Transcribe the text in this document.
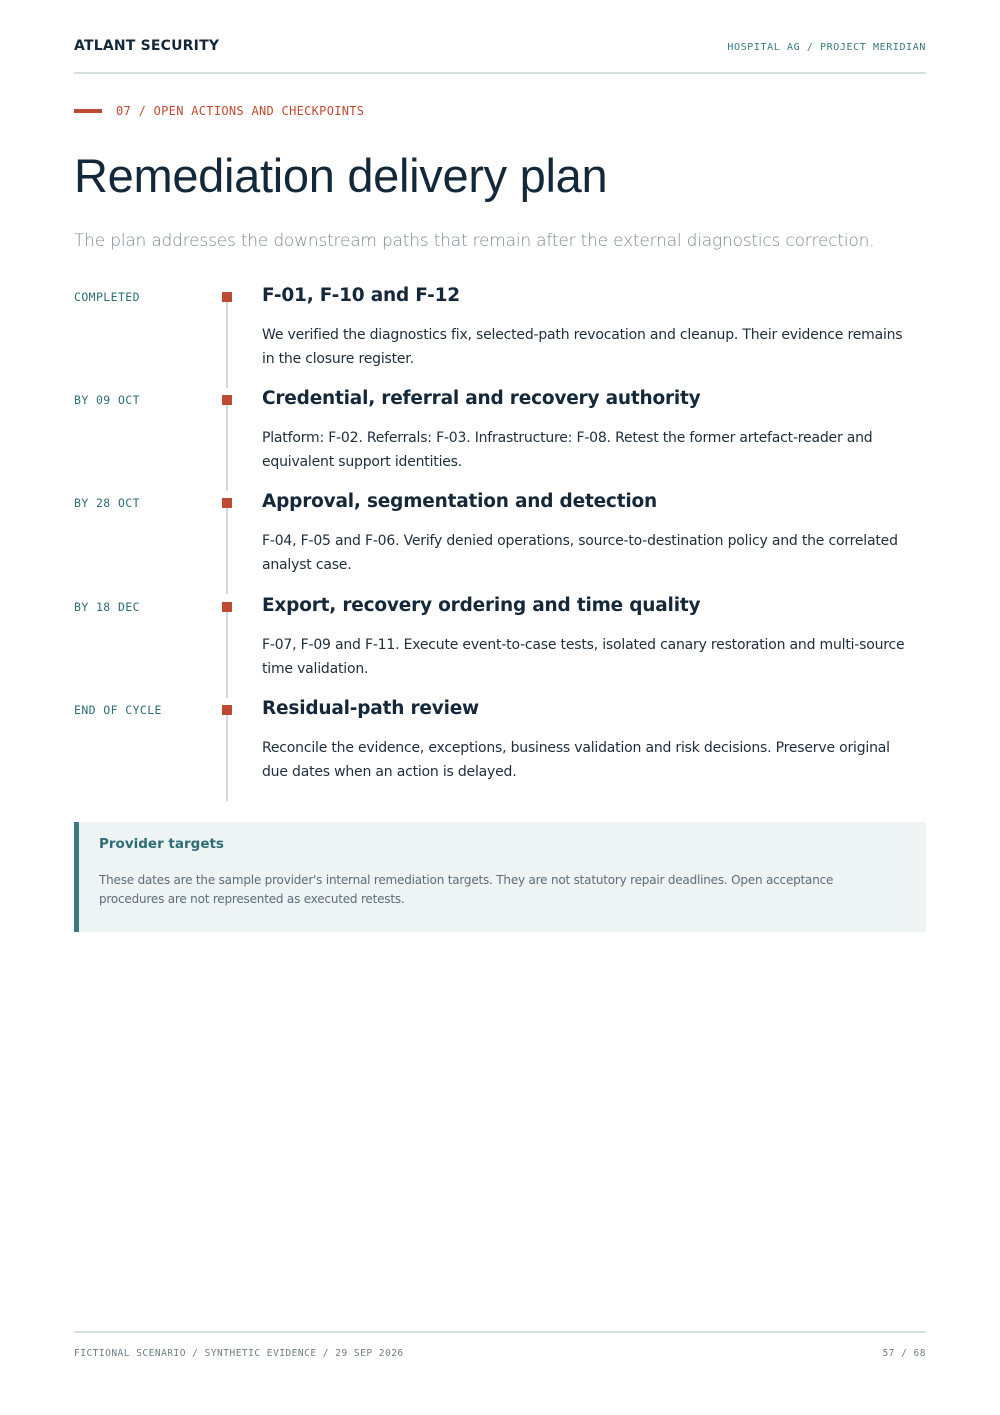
ATLANT SECURITY	HOSPITAL AG / PROJECT MERIDIAN
07 / OPEN ACTIONS AND CHECKPOINTS
Remediation delivery plan

The plan addresses the downstream paths that remain after the external diagnostics correction.

COMPLETED	F-01, F-10 and F-12

We verified the diagnostics fix, selected-path revocation and cleanup. Their evidence remains in the closure register.

BY 09 OCT	Credential, referral and recovery authority

Platform: F-02. Referrals: F-03. Infrastructure: F-08. Retest the former artefact-reader and equivalent support identities.

BY 28 OCT	Approval, segmentation and detection

F-04, F-05 and F-06. Verify denied operations, source-to-destination policy and the correlated analyst case.

BY 18 DEC	Export, recovery ordering and time quality

F-07, F-09 and F-11. Execute event-to-case tests, isolated canary restoration and multi-source time validation.

END OF CYCLE	Residual-path review

Reconcile the evidence, exceptions, business validation and risk decisions. Preserve original due dates when an action is delayed.

Provider targets

These dates are the sample provider's internal remediation targets. They are not statutory repair deadlines. Open acceptance procedures are not represented as executed retests.

FICTIONAL SCENARIO / SYNTHETIC EVIDENCE / 29 SEP 2026	57 / 68
